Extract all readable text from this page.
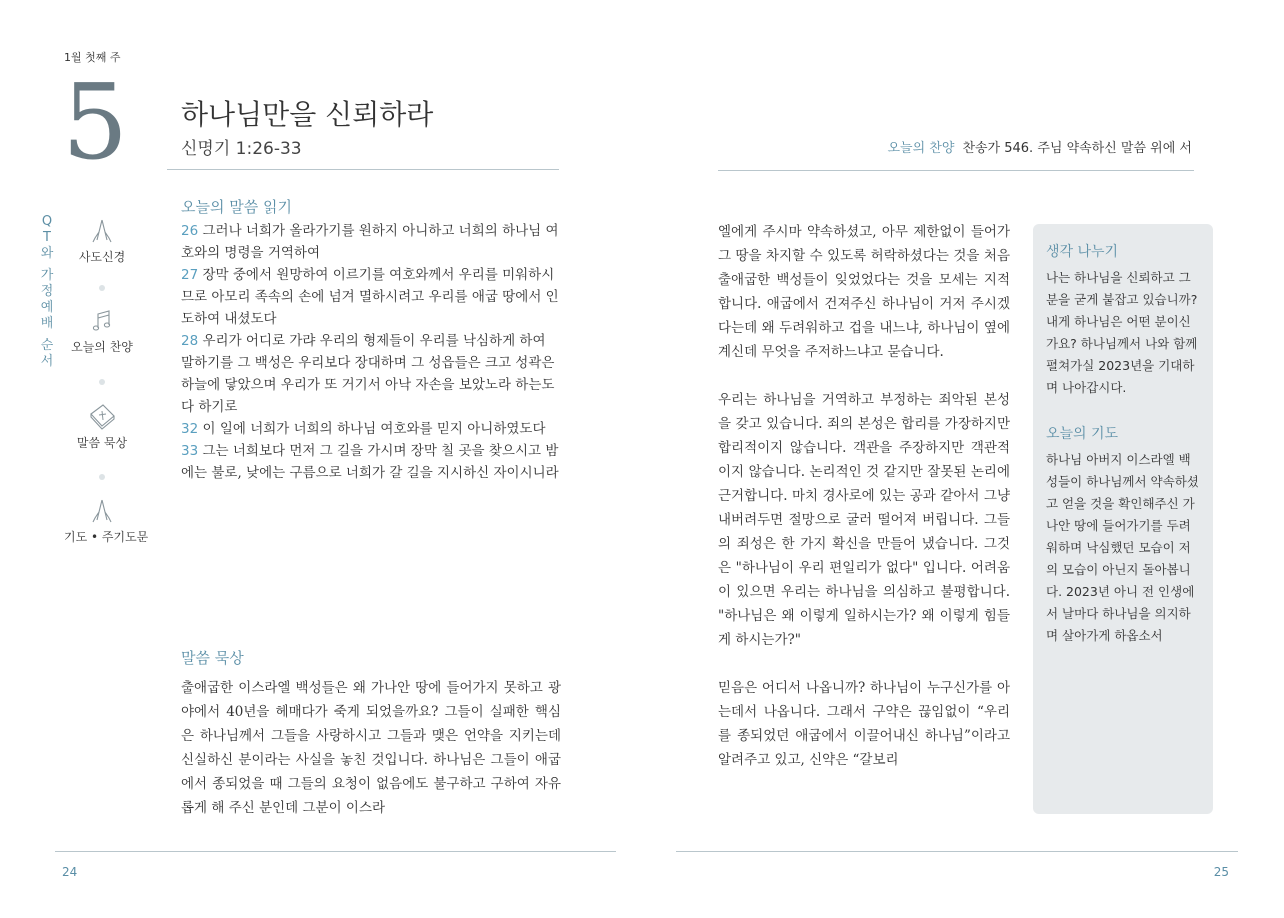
1월 첫째 주
5 하나님만을 신뢰하라
신명기 1:26-33
Q
T
와
가
정
예
배
순
서
사도신경
오늘의 찬양
말씀 묵상
기도 • 주기도문
오늘의 말씀 읽기
26 그러나 너희가 올라가기를 원하지 아니하고 너희의 하나님 여호와의 명령을 거역하여
27 장막 중에서 원망하여 이르기를 여호와께서 우리를 미워하시므로 아모리 족속의 손에 넘겨 멸하시려고 우리를 애굽 땅에서 인도하여 내셨도다
28 우리가 어디로 가랴 우리의 형제들이 우리를 낙심하게 하여 말하기를 그 백성은 우리보다 장대하며 그 성읍들은 크고 성곽은 하늘에 닿았으며 우리가 또 거기서 아낙 자손을 보았노라 하는도다 하기로
32 이 일에 너희가 너희의 하나님 여호와를 믿지 아니하였도다
33 그는 너희보다 먼저 그 길을 가시며 장막 칠 곳을 찾으시고 밤에는 불로, 낮에는 구름으로 너희가 갈 길을 지시하신 자이시니라
말씀 묵상
출애굽한 이스라엘 백성들은 왜 가나안 땅에 들어가지 못하고 광야에서 40년을 헤매다가 죽게 되었을까요? 그들이 실패한 핵심은 하나님께서 그들을 사랑하시고 그들과 맺은 언약을 지키는데 신실하신 분이라는 사실을 놓친 것입니다. 하나님은 그들이 애굽에서 종되었을 때 그들의 요청이 없음에도 불구하고 구하여 자유롭게 해 주신 분인데 그분이 이스라
오늘의 찬양 찬송가 546. 주님 약속하신 말씀 위에 서

엘에게 주시마 약속하셨고, 아무 제한없이 들어가 그 땅을 차지할 수 있도록 허락하셨다는 것을 처음 출애굽한 백성들이 잊었었다는 것을 모세는 지적합니다. 애굽에서 건져주신 하나님이 거저 주시겠다는데 왜 두려워하고 겁을 내느냐, 하나님이 옆에 계신데 무엇을 주저하느냐고 묻습니다.

우리는 하나님을 거역하고 부정하는 죄악된 본성을 갖고 있습니다. 죄의 본성은 합리를 가장하지만 합리적이지 않습니다. 객관을 주장하지만 객관적이지 않습니다. 논리적인 것 같지만 잘못된 논리에 근거합니다. 마치 경사로에 있는 공과 같아서 그냥 내버려두면 절망으로 굴러 떨어져 버립니다. 그들의 죄성은 한 가지 확신을 만들어 냈습니다. 그것은 "하나님이 우리 편일리가 없다" 입니다. 어려움이 있으면 우리는 하나님을 의심하고 불평합니다. "하나님은 왜 이렇게 일하시는가? 왜 이렇게 힘들게 하시는가?"

믿음은 어디서 나옵니까? 하나님이 누구신가를 아는데서 나옵니다. 그래서 구약은 끊임없이 “우리를 종되었던 애굽에서 이끌어내신 하나님”이라고 알려주고 있고, 신약은 “갈보리

생각 나누기
나는 하나님을 신뢰하고 그 분을 굳게 붙잡고 있습니까? 내게 하나님은 어떤 분이신가요? 하나님께서 나와 함께 펼쳐가실 2023년을 기대하며 나아갑시다.
오늘의 기도
하나님 아버지 이스라엘 백성들이 하나님께서 약속하셨고 얻을 것을 확인해주신 가나안 땅에 들어가기를 두려워하며 낙심했던 모습이 저의 모습이 아닌지 돌아봅니다. 2023년 아니 전 인생에서 날마다 하나님을 의지하며 살아가게 하옵소서
24	25
